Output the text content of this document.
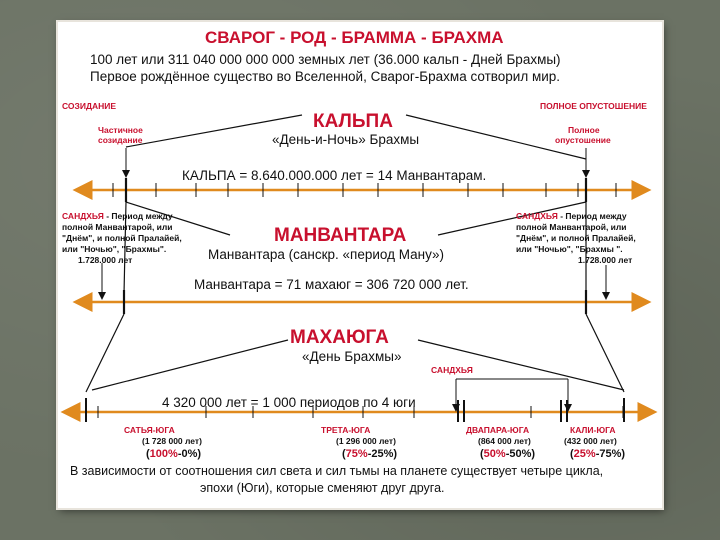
СВАРОГ - РОД - БРАММА - БРАХМА
100 лет или 311 040 000 000 000 земных лет (36.000 кальп - Дней Брахмы)
Первое рождённое существо во Вселенной, Сварог-Брахма сотворил мир.
СОЗИДАНИЕ	ПОЛНОЕ ОПУСТОШЕНИЕ
Частичное
созидание
Полное
опустошение
КАЛЬПА
«День-и-Ночь» Брахмы
КАЛЬПА = 8.640.000.000 лет = 14 Манвантарам.
САНДХЬЯ - Период между
полной Манвантарой, или
"Днём", и полной Пралайей,
или "Ночью", "Брахмы".
1.728.000 лет
САНДХЬЯ - Период между
полной Манвантарой, или
"Днём", и полной Пралайей,
или "Ночью", "Брахмы ".
1.728.000 лет
МАНВАНТАРА
Манвантара (санскр. «период Ману»)
Манвантара = 71 махаюг = 306 720 000 лет.
МАХАЮГА
«День Брахмы»
САНДХЬЯ
4 320 000 лет = 1 000 периодов по 4 юги
САТЬЯ-ЮГА
(1 728 000 лет)
(100%-0%)
ТРЕТА-ЮГА
(1 296 000 лет)
(75%-25%)
ДВАПАРА-ЮГА
(864 000 лет)
(50%-50%)
КАЛИ-ЮГА
(432 000 лет)
(25%-75%)
В зависимости от соотношения сил света и сил тьмы на планете существует четыре цикла,
эпохи (Юги), которые сменяют друг друга.
